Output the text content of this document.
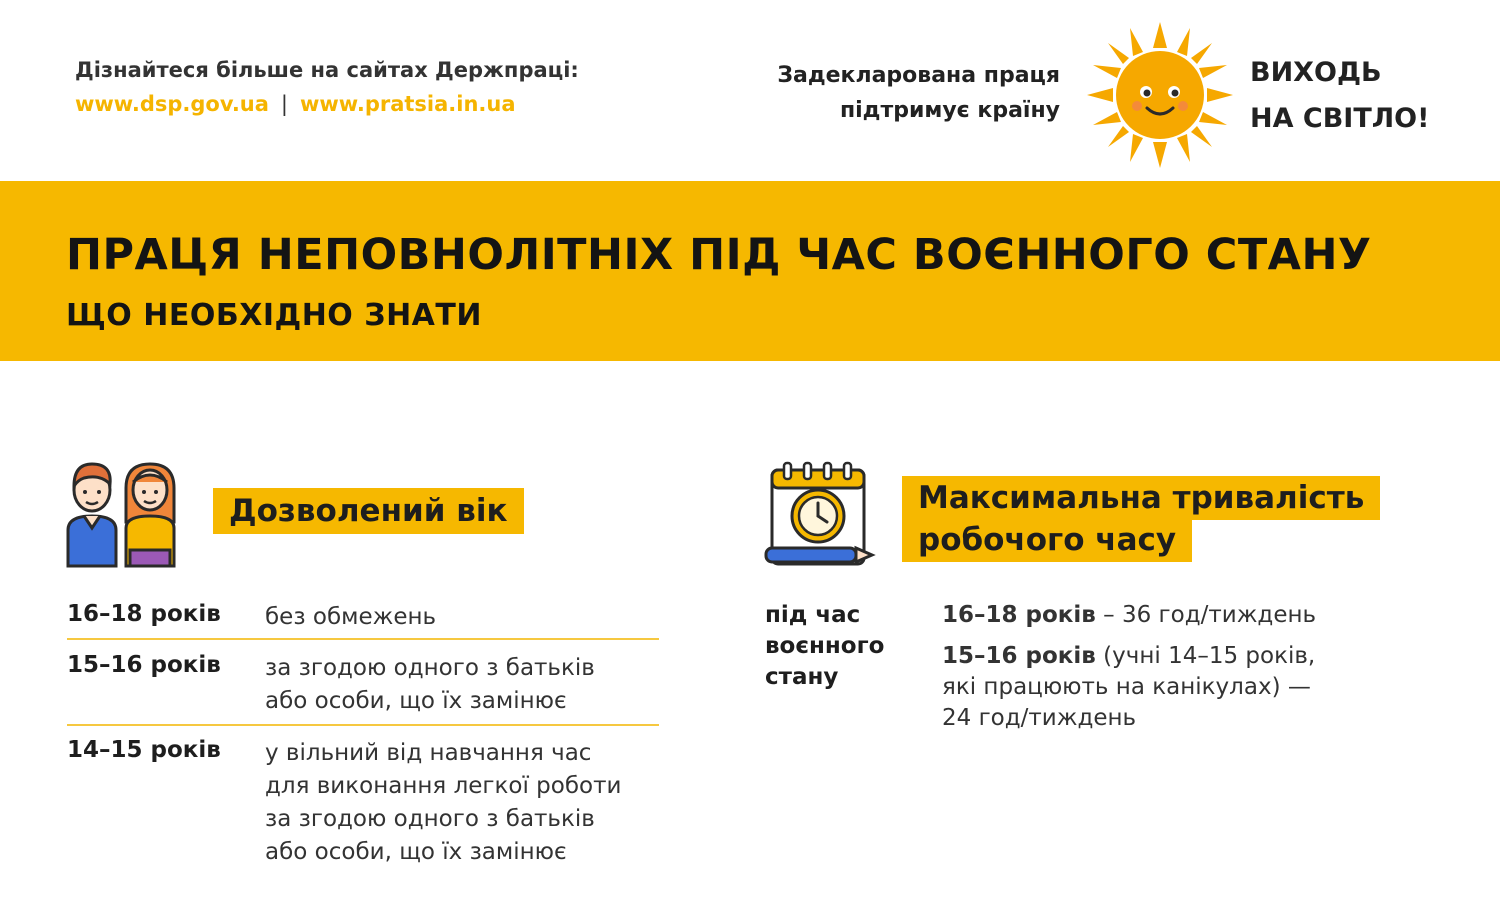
Дізнайтеся більше на сайтах Держпраці:
www.dsp.gov.ua | www.pratsia.in.ua
Задекларована праця
підтримує країну
ВИХОДЬ
НА СВІТЛО!
ПРАЦЯ НЕПОВНОЛІТНІХ ПІД ЧАС ВОЄННОГО СТАНУ
ЩО НЕОБХІДНО ЗНАТИ
Дозволений вік
16–18 років без обмежень
15–16 років за згодою одного з батьків
або особи, що їх замінює
14–15 років у вільний від навчання час
для виконання легкої роботи
за згодою одного з батьків
або особи, що їх замінює
Максимальна тривалість
робочого часу
під час
воєнного
стану
16–18 років – 36 год/тиждень
15–16 років (учні 14–15 років,
які працюють на канікулах) —
24 год/тиждень
